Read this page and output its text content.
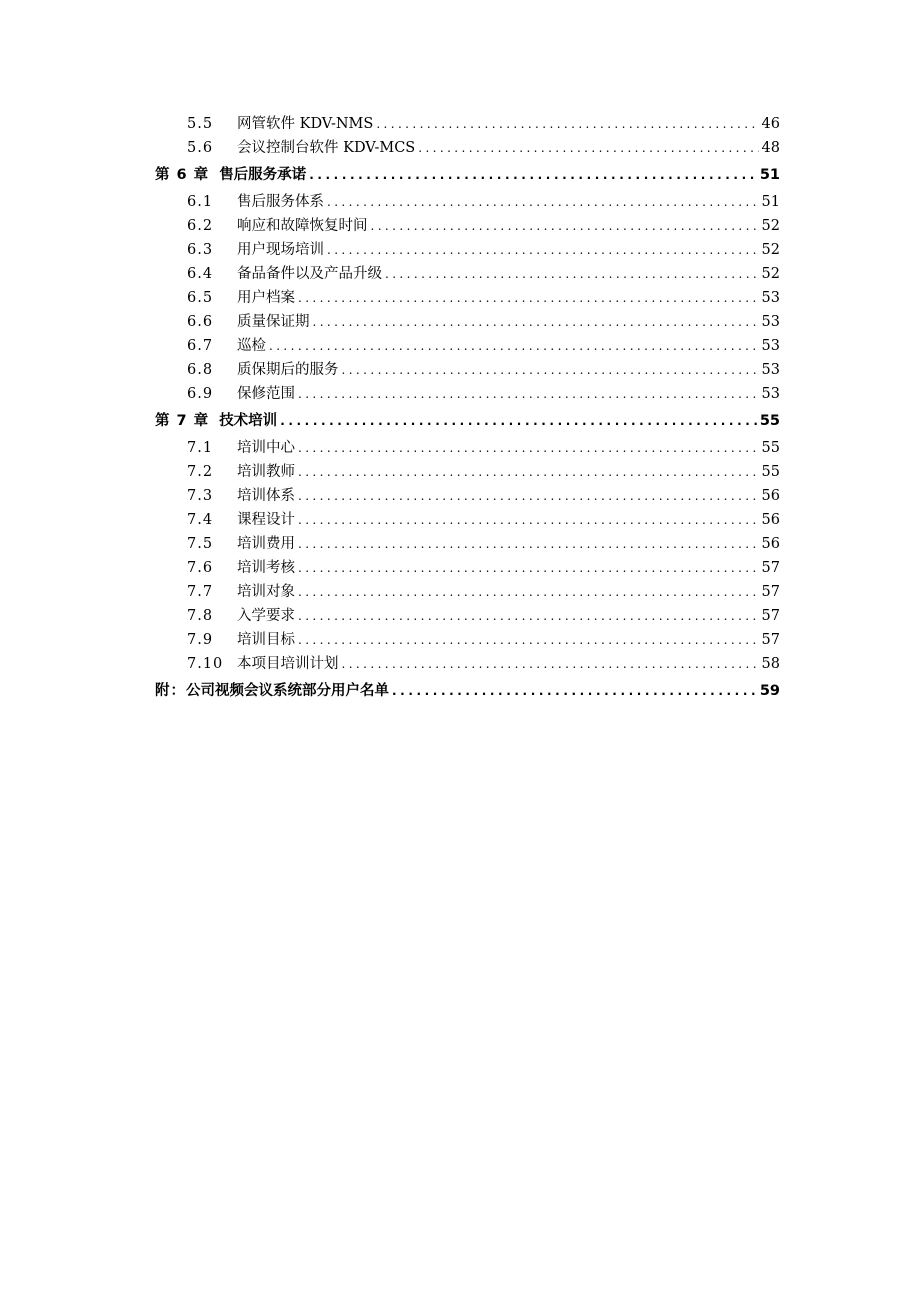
5.5	网管软件 KDV-NMS .....	46
5.6	会议控制台软件 KDV-MCS .....	48
第 6 章 售后服务承诺 .....	51
6.1	售后服务体系 .....	51
6.2	响应和故障恢复时间 .....	52
6.3	用户现场培训 .....	52
6.4	备品备件以及产品升级 .....	52
6.5	用户档案 .....	53
6.6	质量保证期 .....	53
6.7	巡检 .....	53
6.8	质保期后的服务 .....	53
6.9	保修范围 .....	53
第 7 章 技术培训 .....	55
7.1	培训中心 .....	55
7.2	培训教师 .....	55
7.3	培训体系 .....	56
7.4	课程设计 .....	56
7.5	培训费用 .....	56
7.6	培训考核 .....	57
7.7	培训对象 .....	57
7.8	入学要求 .....	57
7.9	培训目标 .....	57
7.10 本项目培训计划 .....	58
附： 公司视频会议系统部分用户名单 .....	59
